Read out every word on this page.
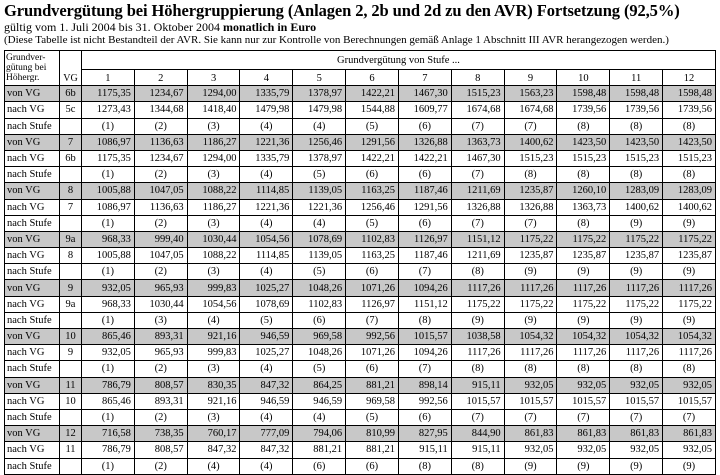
Grundvergütung bei Höhergruppierung (Anlagen 2, 2b und 2d zu den AVR) Fortsetzung (92,5%)
gültig vom 1. Juli 2004 bis 31. Oktober 2004 monatlich in Euro
(Diese Tabelle ist nicht Bestandteil der AVR. Sie kann nur zur Kontrolle von Berechnungen gemäß Anlage 1 Abschnitt III AVR herangezogen werden.)
Grundver-
gütung bei
Höhergr.	VG	Grundvergütung von Stufe ...											
		1	2	3	4	5	6	7	8	9	10	11	12
von VG	6b	1175,35	1234,67	1294,00	1335,79	1378,97	1422,21	1467,30	1515,23	1563,23	1598,48	1598,48	1598,48
nach VG	5c	1273,43	1344,68	1418,40	1479,98	1479,98	1544,88	1609,77	1674,68	1674,68	1739,56	1739,56	1739,56
nach Stufe		(1)	(2)	(3)	(4)	(4)	(5)	(6)	(7)	(7)	(8)	(8)	(8)
von VG	7	1086,97	1136,63	1186,27	1221,36	1256,46	1291,56	1326,88	1363,73	1400,62	1423,50	1423,50	1423,50
nach VG	6b	1175,35	1234,67	1294,00	1335,79	1378,97	1422,21	1422,21	1467,30	1515,23	1515,23	1515,23	1515,23
nach Stufe		(1)	(2)	(3)	(4)	(5)	(6)	(6)	(7)	(8)	(8)	(8)	(8)
von VG	8	1005,88	1047,05	1088,22	1114,85	1139,05	1163,25	1187,46	1211,69	1235,87	1260,10	1283,09	1283,09
nach VG	7	1086,97	1136,63	1186,27	1221,36	1221,36	1256,46	1291,56	1326,88	1326,88	1363,73	1400,62	1400,62
nach Stufe		(1)	(2)	(3)	(4)	(4)	(5)	(6)	(7)	(7)	(8)	(9)	(9)
von VG	9a	968,33	999,40	1030,44	1054,56	1078,69	1102,83	1126,97	1151,12	1175,22	1175,22	1175,22	1175,22
nach VG	8	1005,88	1047,05	1088,22	1114,85	1139,05	1163,25	1187,46	1211,69	1235,87	1235,87	1235,87	1235,87
nach Stufe		(1)	(2)	(3)	(4)	(5)	(6)	(7)	(8)	(9)	(9)	(9)	(9)
von VG	9	932,05	965,93	999,83	1025,27	1048,26	1071,26	1094,26	1117,26	1117,26	1117,26	1117,26	1117,26
nach VG	9a	968,33	1030,44	1054,56	1078,69	1102,83	1126,97	1151,12	1175,22	1175,22	1175,22	1175,22	1175,22
nach Stufe		(1)	(3)	(4)	(5)	(6)	(7)	(8)	(9)	(9)	(9)	(9)	(9)
von VG	10	865,46	893,31	921,16	946,59	969,58	992,56	1015,57	1038,58	1054,32	1054,32	1054,32	1054,32
nach VG	9	932,05	965,93	999,83	1025,27	1048,26	1071,26	1094,26	1117,26	1117,26	1117,26	1117,26	1117,26
nach Stufe		(1)	(2)	(3)	(4)	(5)	(6)	(7)	(8)	(8)	(8)	(8)	(8)
von VG	11	786,79	808,57	830,35	847,32	864,25	881,21	898,14	915,11	932,05	932,05	932,05	932,05
nach VG	10	865,46	893,31	921,16	946,59	946,59	969,58	992,56	1015,57	1015,57	1015,57	1015,57	1015,57
nach Stufe		(1)	(2)	(3)	(4)	(4)	(5)	(6)	(7)	(7)	(7)	(7)	(7)
von VG	12	716,58	738,35	760,17	777,09	794,06	810,99	827,95	844,90	861,83	861,83	861,83	861,83
nach VG	11	786,79	808,57	847,32	847,32	881,21	881,21	915,11	915,11	932,05	932,05	932,05	932,05
nach Stufe		(1)	(2)	(4)	(4)	(6)	(6)	(8)	(8)	(9)	(9)	(9)	(9)
